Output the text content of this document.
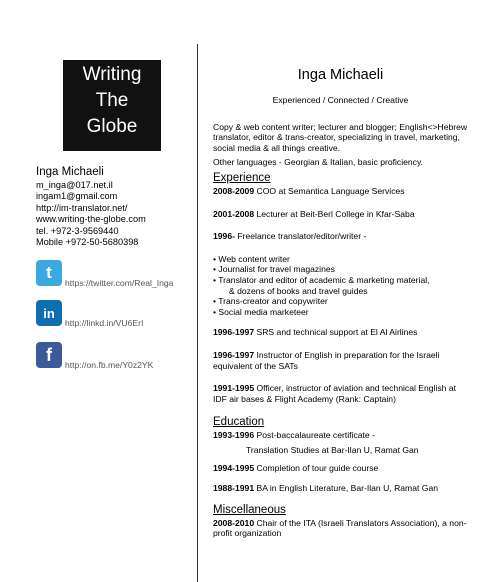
Writing
The
Globe
Inga Michaeli
m_inga@017.net.il
ingam1@gmail.com
http://im-translator.net/
www.writing-the-globe.com
tel. +972-3-9569440
Mobile +972-50-5680398
t
https://twitter.com/Real_Inga
in
http://linkd.in/VU6ErI
f
http://on.fb.me/Y0z2YK
Inga Michaeli
Experienced / Connected / Creative
Copy & web content writer; lecturer and blogger; English<>Hebrew translator, editor & trans-creator, specializing in travel, marketing, social media & all things creative.
Other languages - Georgian & Italian, basic proficiency.
Experience
2008-2009 COO at Semantica Language Services
2001-2008 Lecturer at Beit-Berl College in Kfar-Saba
1996- Freelance translator/editor/writer -
• Web content writer
• Journalist for travel magazines
• Translator and editor of academic & marketing material,
& dozens of books and travel guides
• Trans-creator and copywriter
• Social media marketeer
1996-1997 SRS and technical support at El Al Airlines
1996-1997 Instructor of English in preparation for the Israeli equivalent of the SATs
1991-1995 Officer, instructor of aviation and technical English at IDF air bases & Flight Academy (Rank: Captain)
Education
1993-1996 Post-baccalaureate certificate -
Translation Studies at Bar-Ilan U, Ramat Gan
1994-1995 Completion of tour guide course
1988-1991 BA in English Literature, Bar-Ilan U, Ramat Gan
Miscellaneous
2008-2010 Chair of the ITA (Israeli Translators Association), a non-profit organization
